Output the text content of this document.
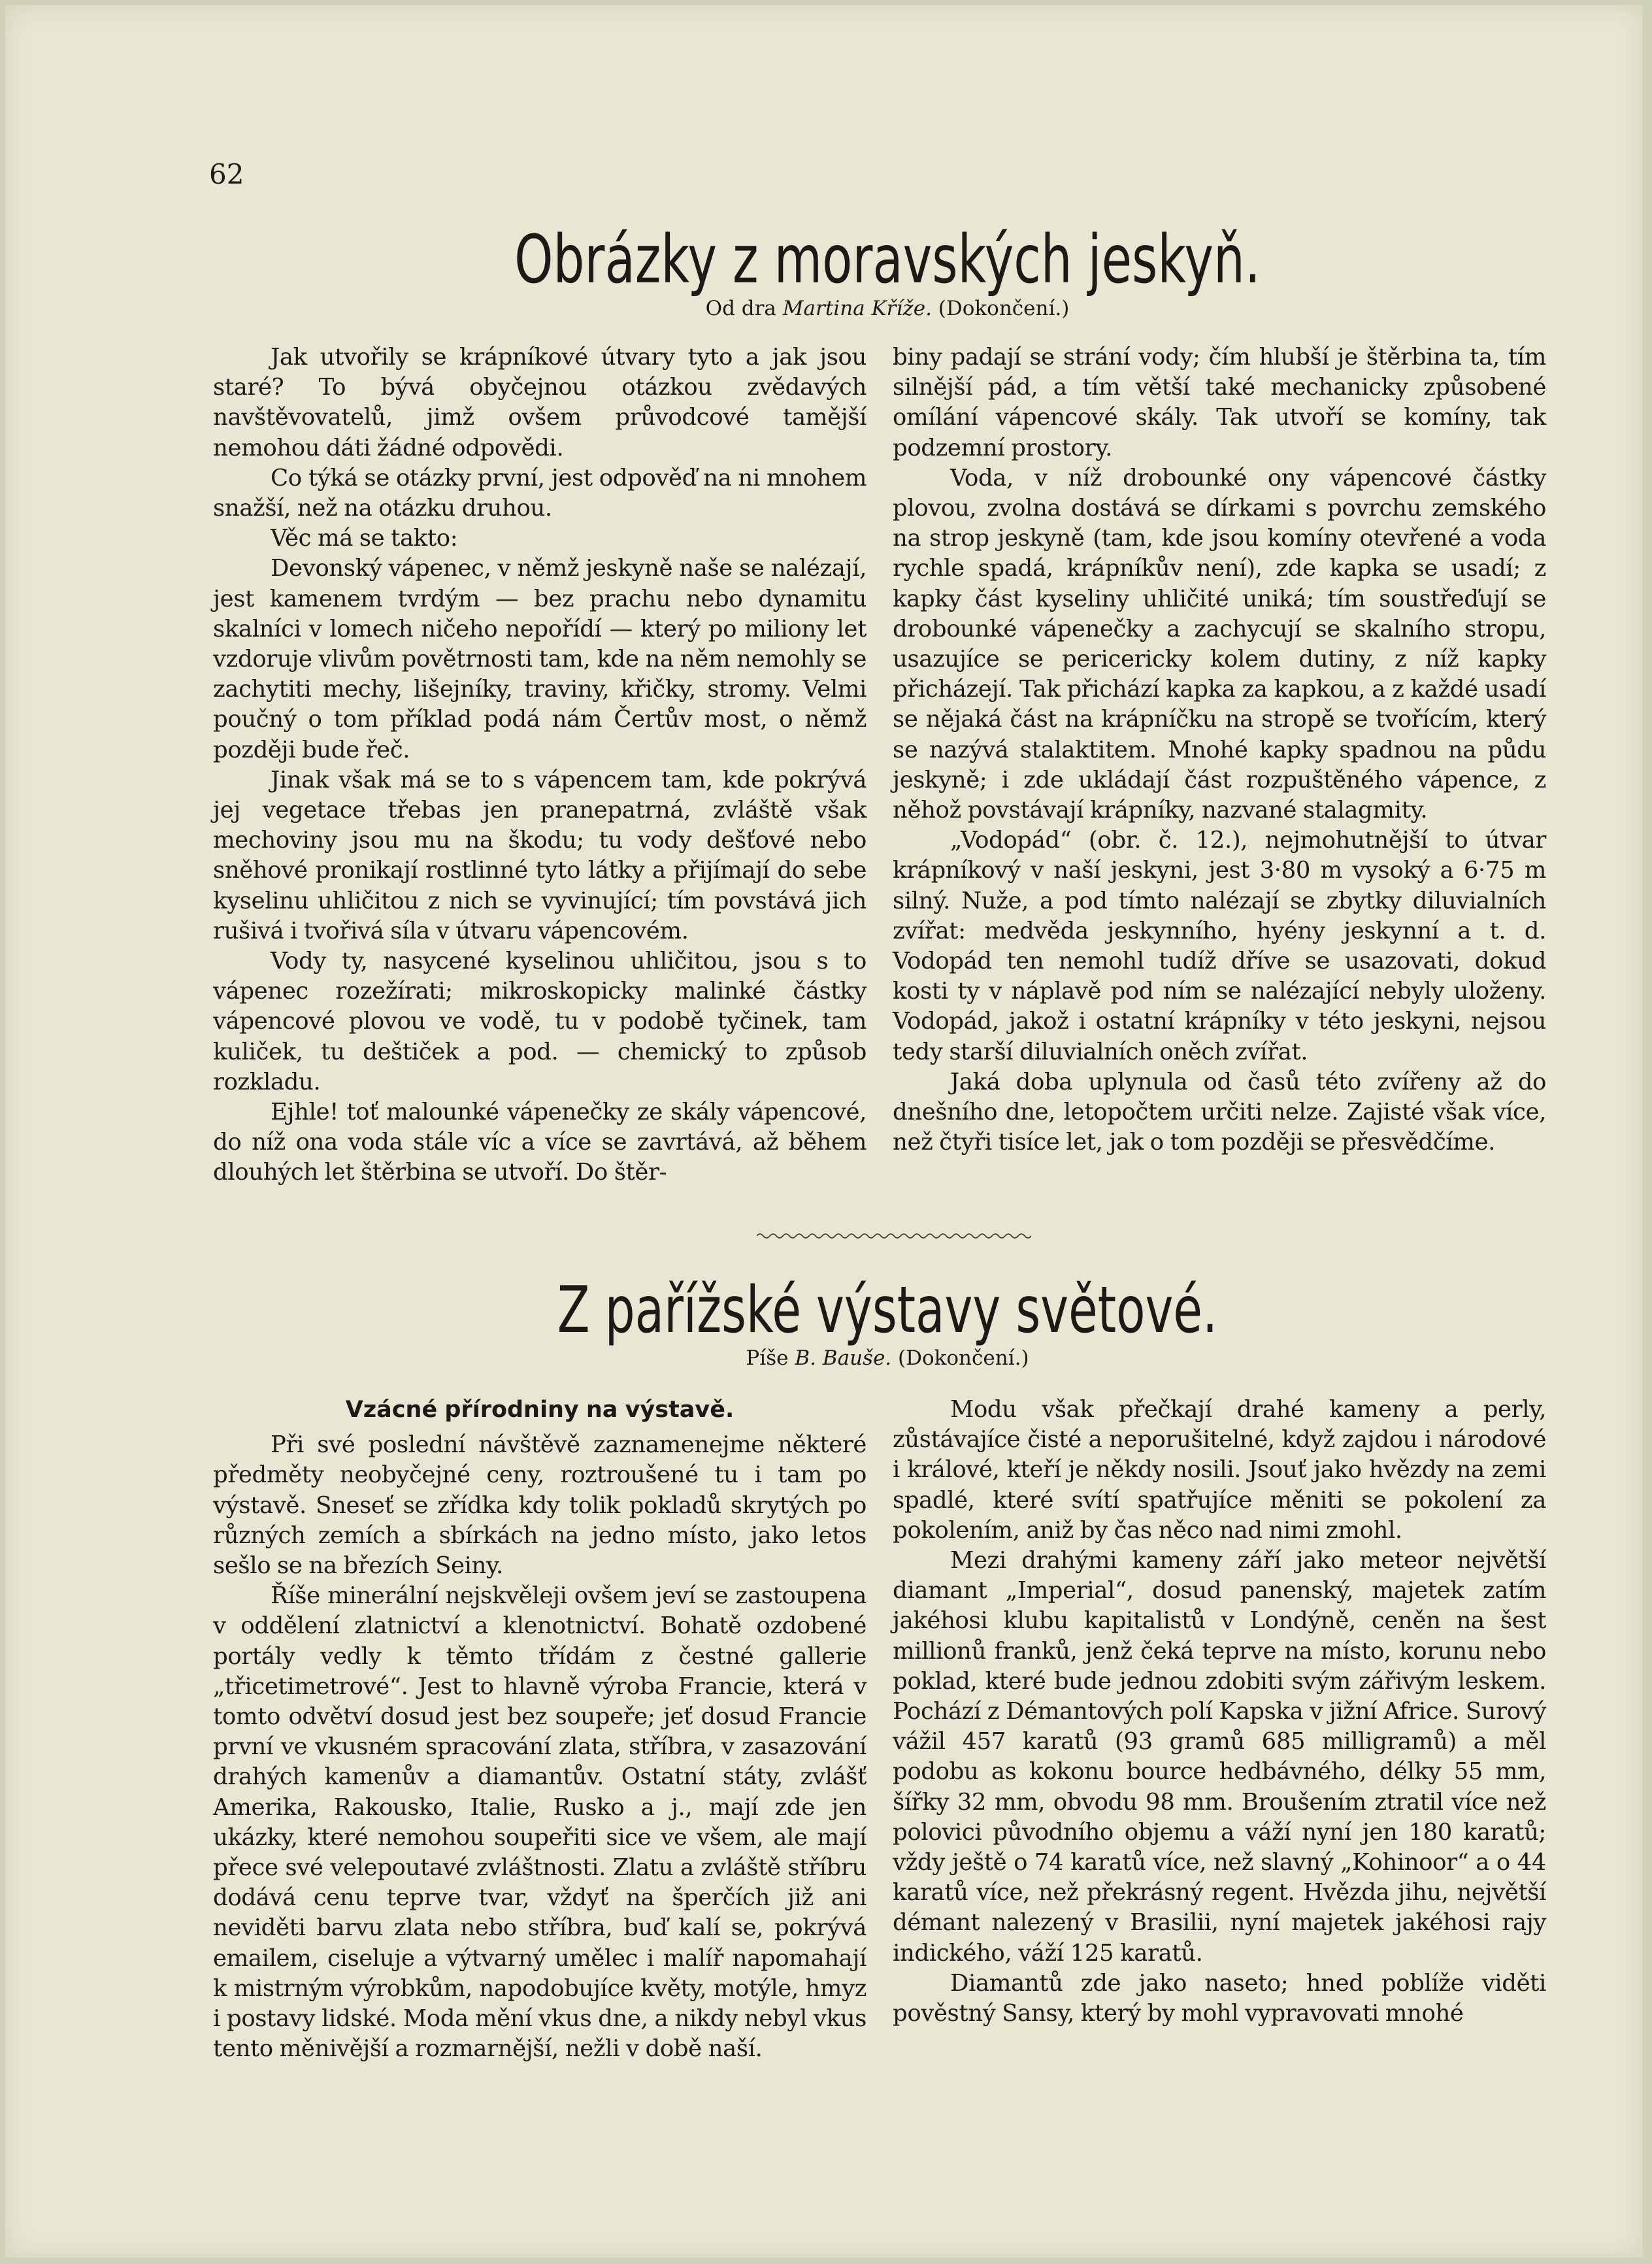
62
Obrázky z moravských jeskyň.
Od dra Martina Kříže. (Dokončení.)

Jak utvořily se krápníkové útvary tyto a jak jsou staré? To bývá obyčejnou otázkou zvědavých navštěvovatelů, jimž ovšem průvodcové tamější nemohou dáti žádné odpovědi.

Co týká se otázky první, jest odpověď na ni mnohem snažší, než na otázku druhou.

Věc má se takto:

Devonský vápenec, v němž jeskyně naše se nalézají, jest kamenem tvrdým — bez prachu nebo dynamitu skalníci v lomech ničeho nepořídí — který po miliony let vzdoruje vlivům povětrnosti tam, kde na něm nemohly se zachytiti mechy, lišejníky, traviny, křičky, stromy. Velmi poučný o tom příklad podá nám Čertův most, o němž později bude řeč.

Jinak však má se to s vápencem tam, kde pokrývá jej vegetace třebas jen pranepatrná, zvláště však mechoviny jsou mu na škodu; tu vody dešťové nebo sněhové pronikají rostlinné tyto látky a přijímají do sebe kyselinu uhličitou z nich se vyvinující; tím povstává jich rušivá i tvořivá síla v útvaru vápencovém.

Vody ty, nasycené kyselinou uhličitou, jsou s to vápenec rozežírati; mikroskopicky malinké částky vápencové plovou ve vodě, tu v podobě tyčinek, tam kuliček, tu deštiček a pod. — chemický to způsob rozkladu.

Ejhle! toť malounké vápenečky ze skály vápencové, do níž ona voda stále víc a více se zavrtává, až během dlouhých let štěrbina se utvoří. Do štěr-

biny padají se strání vody; čím hlubší je štěrbina ta, tím silnější pád, a tím větší také mechanicky způsobené omílání vápencové skály. Tak utvoří se komíny, tak podzemní prostory.

Voda, v níž drobounké ony vápencové částky plovou, zvolna dostává se dírkami s povrchu zemského na strop jeskyně (tam, kde jsou komíny otevřené a voda rychle spadá, krápníkův není), zde kapka se usadí; z kapky část kyseliny uhličité uniká; tím soustřeďují se drobounké vápenečky a zachycují se skalního stropu, usazujíce se pericericky kolem dutiny, z níž kapky přicházejí. Tak přichází kapka za kapkou, a z každé usadí se nějaká část na krápníčku na stropě se tvořícím, který se nazývá stalaktitem. Mnohé kapky spadnou na půdu jeskyně; i zde ukládají část rozpuštěného vápence, z něhož povstávají krápníky, nazvané stalagmity.

„Vodopád“ (obr. č. 12.), nejmohutnější to útvar krápníkový v naší jeskyni, jest 3·80 m vysoký a 6·75 m silný. Nuže, a pod tímto nalézají se zbytky diluvialních zvířat: medvěda jeskynního, hyény jeskynní a t. d. Vodopád ten nemohl tudíž dříve se usazovati, dokud kosti ty v náplavě pod ním se nalézající nebyly uloženy. Vodopád, jakož i ostatní krápníky v této jeskyni, nejsou tedy starší diluvialních oněch zvířat.

Jaká doba uplynula od časů této zvířeny až do dnešního dne, letopočtem určiti nelze. Zajisté však více, než čtyři tisíce let, jak o tom později se přesvědčíme.

Z pařížské výstavy světové.
Píše B. Bauše. (Dokončení.)
Vzácné přírodniny na výstavě.

Při své poslední návštěvě zaznamenejme některé předměty neobyčejné ceny, roztroušené tu i tam po výstavě. Sneseť se zřídka kdy tolik pokladů skrytých po různých zemích a sbírkách na jedno místo, jako letos sešlo se na březích Seiny.

Říše minerální nejskvěleji ovšem jeví se zastoupena v oddělení zlatnictví a klenotnictví. Bohatě ozdobené portály vedly k těmto třídám z čestné gallerie „třicetimetrové“. Jest to hlavně výroba Francie, která v tomto odvětví dosud jest bez soupeře; jeť dosud Francie první ve vkusném spracování zlata, stříbra, v zasazování drahých kamenův a diamantův. Ostatní státy, zvlášť Amerika, Rakousko, Italie, Rusko a j., mají zde jen ukázky, které nemohou soupeřiti sice ve všem, ale mají přece své velepoutavé zvláštnosti. Zlatu a zvláště stříbru dodává cenu teprve tvar, vždyť na šperčích již ani neviděti barvu zlata nebo stříbra, buď kalí se, pokrývá emailem, ciseluje a výtvarný umělec i malíř napomahají k mistrným výrobkům, napodobujíce květy, motýle, hmyz i postavy lidské. Moda mění vkus dne, a nikdy nebyl vkus tento měnivější a rozmarnější, nežli v době naší.

Modu však přečkají drahé kameny a perly, zůstávajíce čisté a neporušitelné, když zajdou i národové i králové, kteří je někdy nosili. Jsouť jako hvězdy na zemi spadlé, které svítí spatřujíce měniti se pokolení za pokolením, aniž by čas něco nad nimi zmohl.

Mezi drahými kameny září jako meteor největší diamant „Imperial“, dosud panenský, majetek zatím jakéhosi klubu kapitalistů v Londýně, ceněn na šest millionů franků, jenž čeká teprve na místo, korunu nebo poklad, které bude jednou zdobiti svým zářivým leskem. Pochází z Démantových polí Kapska v jižní Africe. Surový vážil 457 karatů (93 gramů 685 milligramů) a měl podobu as kokonu bource hedbávného, délky 55 mm, šířky 32 mm, obvodu 98 mm. Broušením ztratil více než polovici původního objemu a váží nyní jen 180 karatů; vždy ještě o 74 karatů více, než slavný „Kohinoor“ a o 44 karatů více, než překrásný regent. Hvězda jihu, největší démant nalezený v Brasilii, nyní majetek jakéhosi rajy indického, váží 125 karatů.

Diamantů zde jako naseto; hned poblíže viděti pověstný Sansy, který by mohl vypravovati mnohé
